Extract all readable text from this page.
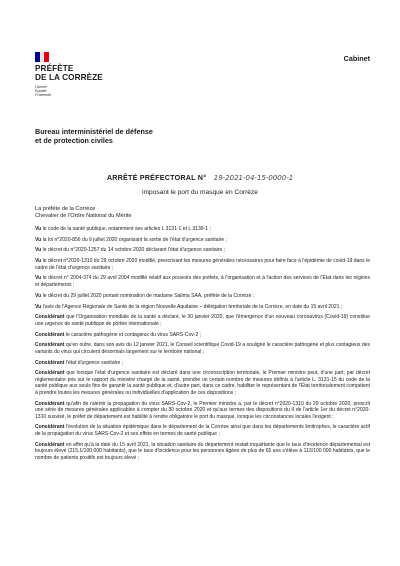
PRÉFÈTE
DE LA CORRÈZE
Liberté
Égalité
Fraternité
Cabinet
Bureau interministériel de défense
et de protection civiles
ARRÊTÉ PRÉFECTORAL N° 19-2021-04-15-0000-1
imposant le port du masque en Corrèze
La préfète de la Corrèze
Chevalier de l'Ordre National du Mérite

Vu le code de la santé publique, notamment ses articles L 3131-1 et L 3136-1 ;

Vu la loi n°2020-856 du 9 juillet 2020 organisant la sortie de l'état d'urgence sanitaire ;

Vu le décret du n°2020-1257 du 14 octobre 2020 déclarant l'état d'urgence sanitaire ;

Vu le décret n°2020-1310 du 29 octobre 2020 modifié, prescrivant les mesures générales nécessaires pour faire face à l'épidémie de covid-19 dans le cadre de l'état d'urgence sanitaire ;

Vu le décret n° 2004-374 du 29 avril 2004 modifié relatif aux pouvoirs des préfets, à l'organisation et à l'action des services de l'État dans les régions et départements ;

Vu le décret du 29 juillet 2020 portant nomination de madame Salima SAA, préfète de la Corrèze ;

Vu l'avis de l'Agence Régionale de Santé de la région Nouvelle Aquitaine – délégation territoriale de la Corrèze, en date du 15 avril 2021 ;

Considérant que l'Organisation mondiale de la santé a déclaré, le 30 janvier 2020, que l'émergence d'un nouveau coronavirus (Covid-19) constitue une urgence de santé publique de portée internationale ;

Considérant le caractère pathogène et contagieux du virus SARS-Cov-2 ;

Considérant qu'en outre, dans son avis du 12 janvier 2021, le Conseil scientifique Covid-19 a souligné le caractère pathogène et plus contagieux des variants du virus qui circulent désormais largement sur le territoire national ;

Considérant l'état d'urgence sanitaire ;

Considérant que lorsque l'état d'urgence sanitaire est déclaré dans une circonscription territoriale, le Premier ministre peut, d'une part, par décret réglementaire pris sur le rapport du ministre chargé de la santé, prendre un certain nombre de mesures définis à l'article L. 3131-15 du code de la santé publique aux seuls fins de garantir la santé publique et, d'autre part, dans ce cadre, habiliter le représentant de l'État territorialement compétent à prendre toutes les mesures générales ou individuelles d'application de ces dispositions ;

Considérant qu'afin de ralentir la propagation du virus SARS-Cov-2, le Premier ministre a, par le décret n°2020-1310 du 29 octobre 2020, prescrit une série de mesures générales applicables à compter du 30 octobre 2020 et qu'aux termes des dispositions du II de l'article 1er du décret n°2020-1310 susvisé, le préfet de département est habilité à rendre obligatoire le port du masque, lorsque les circonstances locales l'exigent ;

Considérant l'évolution de la situation épidémique dans le département de la Corrèze ainsi que dans les départements limitrophes, le caractère actif de la propagation du virus SARS-Cov-2 et ses effets en termes de santé publique ;

Considérant en effet qu'à la date du 15 avril 2021, la situation sanitaire du département restait inquiétante que le taux d'incidence départemental est toujours élevé (215,1/100 000 habitants), que le taux d'incidence pour les personnes âgées de plus de 65 ans s'élève à 113/100 000 habitants, que le nombre de patients positifs est toujours élevé ;
